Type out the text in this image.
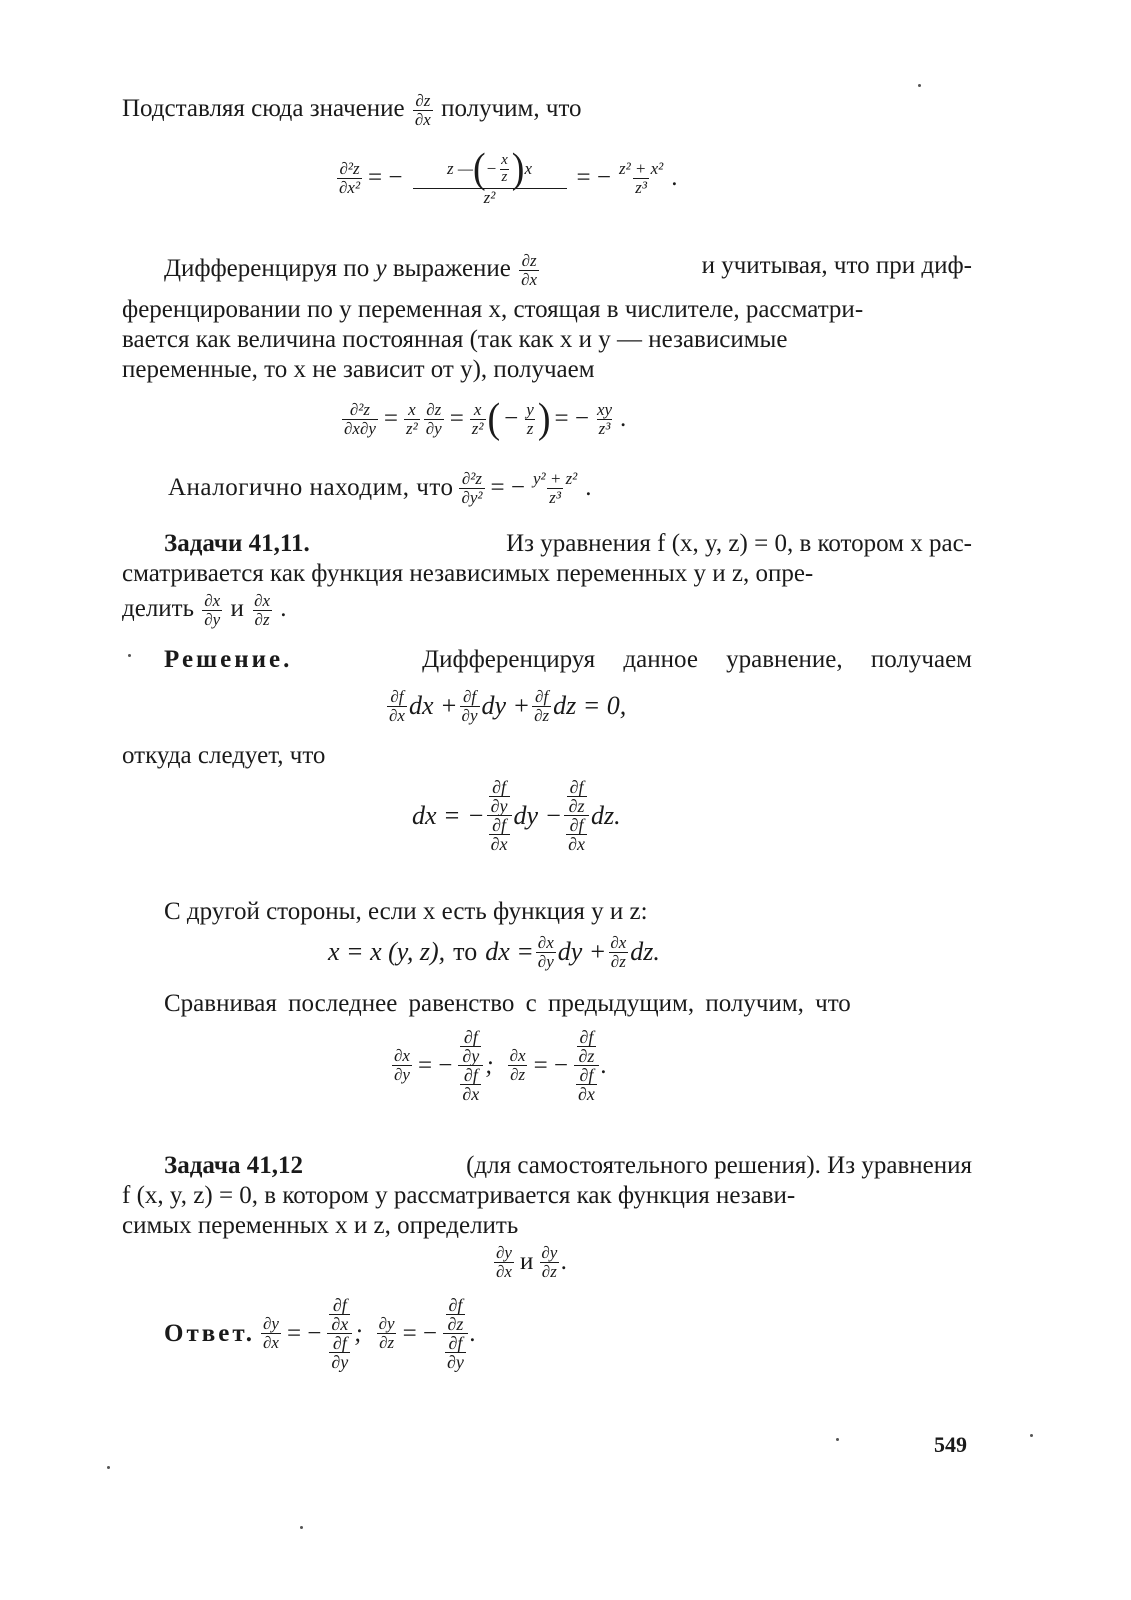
Подставляя сюда значение $\frac{\partial z}{\partial x}$ получим, что
$\frac{\text{∂²z}}{\text{∂x²}}$ = −	z — ( − $\frac{x}{z}$ ) x
z²
= − $\frac{\text{z² + x²}}{\text{z³}}$ .
Дифференцируя по y выражение $\frac{\partial z}{\partial x}$	и учитывая, что при диф-
ференцировании по y переменная x, стоящая в числителе, рассматри-
вается как величина постоянная (так как x и y — независимые
переменные, то x не зависит от y), получаем
$\frac{\text{∂²z}}{\partial x\partial y} = \frac{x}{\text{z²}} \frac{\partial z}{\partial y} = \frac{x}{\text{z²}}$ ( − $\frac{y}{z}$ ) = − $\frac{xy}{\text{z³}}$ .
Аналогично находим, что $\frac{\text{∂²z}}{\text{∂y²}}$ = − $\frac{\text{y² + z²}}{\text{z³}}$ .
Задачи 41,11.	Из уравнения f (x, y, z) = 0, в котором x рас-
сматривается как функция независимых переменных y и z, опре-
делить $\frac{\partial x}{\partial y}$ и $\frac{\partial x}{\partial z}$ .
Решение.	Дифференцируя данное уравнение, получаем
$\frac{\partial f}{\partial x}$ dx + $\frac{\partial f}{\partial y}$ dy + $\frac{\partial f}{\partial z}$ dz = 0,
откуда следует, что
dx = − $\frac{\frac{\partial f}{\partial y}}{\frac{\partial f}{\partial x}}$ dy − $\frac{\frac{\partial f}{\partial z}}{\frac{\partial f}{\partial x}}$ dz.
С другой стороны, если x есть функция y и z:
x = x (y, z), то dx = $\frac{\partial x}{\partial y}$ dy + $\frac{\partial x}{\partial z}$ dz.
Сравнивая последнее равенство с предыдущим, получим, что
$\frac{\partial x}{\partial y}$ = − $\frac{\frac{\partial f}{\partial y}}{\frac{\partial f}{\partial x}}$ ; $\frac{\partial x}{\partial z}$ = − $\frac{\frac{\partial f}{\partial z}}{\frac{\partial f}{\partial x}}$ .
Задача 41,12	(для самостоятельного решения). Из уравнения
f (x, y, z) = 0, в котором y рассматривается как функция незави-
симых переменных x и z, определить
$\frac{\partial y}{\partial x}$ и $\frac{\partial y}{\partial z}$ .
Ответ. $\frac{\partial y}{\partial x}$ = − $\frac{\frac{\partial f}{\partial x}}{\frac{\partial f}{\partial y}}$ ; $\frac{\partial y}{\partial z}$ = − $\frac{\frac{\partial f}{\partial z}}{\frac{\partial f}{\partial y}}$ .
549
